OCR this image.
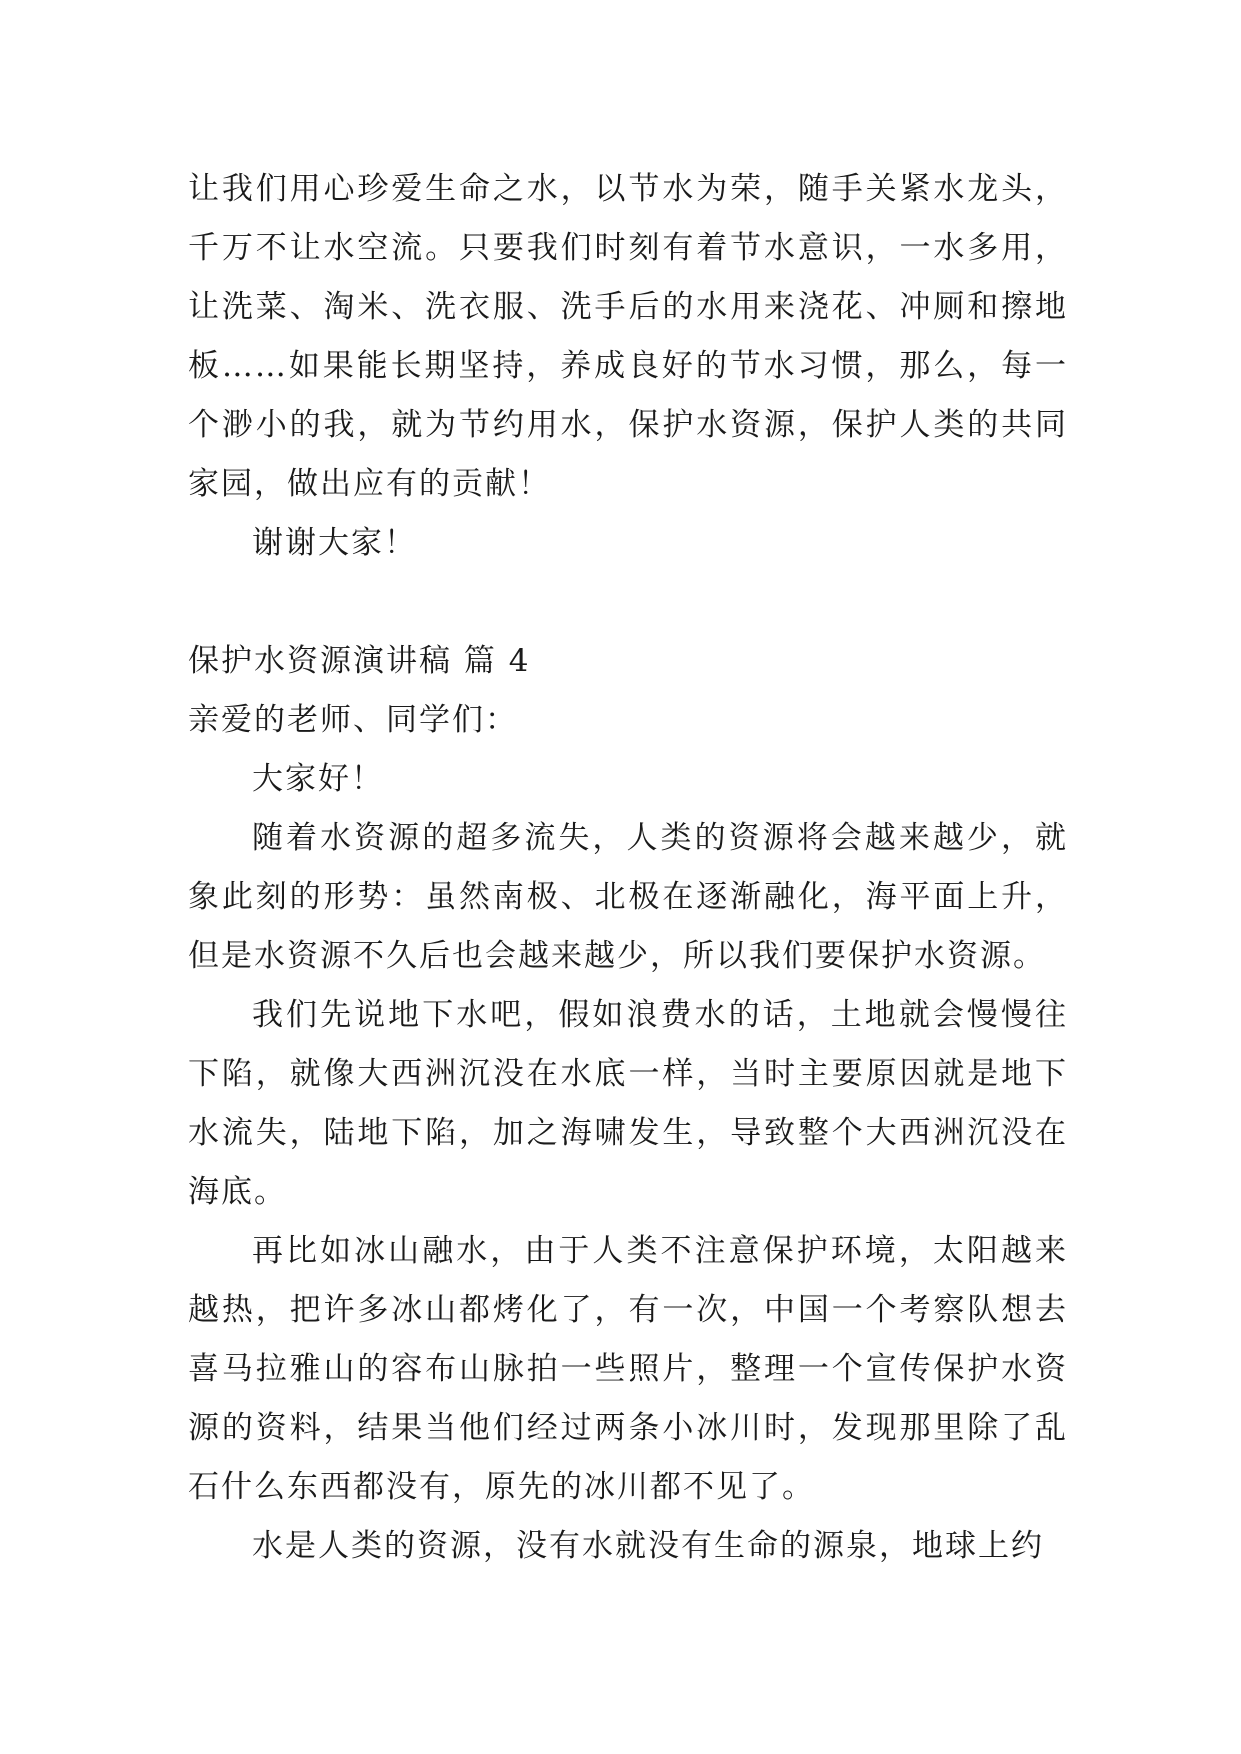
让我们用心珍爱生命之水，以节水为荣，随手关紧水龙头，千万不让水空流。只要我们时刻有着节水意识，一水多用，让洗菜、淘米、洗衣服、洗手后的水用来浇花、冲厕和擦地板……如果能长期坚持，养成良好的节水习惯，那么，每一个渺小的我，就为节约用水，保护水资源，保护人类的共同家园，做出应有的贡献！

谢谢大家！

保护水资源演讲稿 篇 4

亲爱的老师、同学们：

大家好！

随着水资源的超多流失，人类的资源将会越来越少，就象此刻的形势：虽然南极、北极在逐渐融化，海平面上升，但是水资源不久后也会越来越少，所以我们要保护水资源。

我们先说地下水吧，假如浪费水的话，土地就会慢慢往下陷，就像大西洲沉没在水底一样，当时主要原因就是地下水流失，陆地下陷，加之海啸发生，导致整个大西洲沉没在海底。

再比如冰山融水，由于人类不注意保护环境，太阳越来越热，把许多冰山都烤化了，有一次，中国一个考察队想去喜马拉雅山的容布山脉拍一些照片，整理一个宣传保护水资源的资料，结果当他们经过两条小冰川时，发现那里除了乱石什么东西都没有，原先的冰川都不见了。

水是人类的资源，没有水就没有生命的源泉，地球上约
